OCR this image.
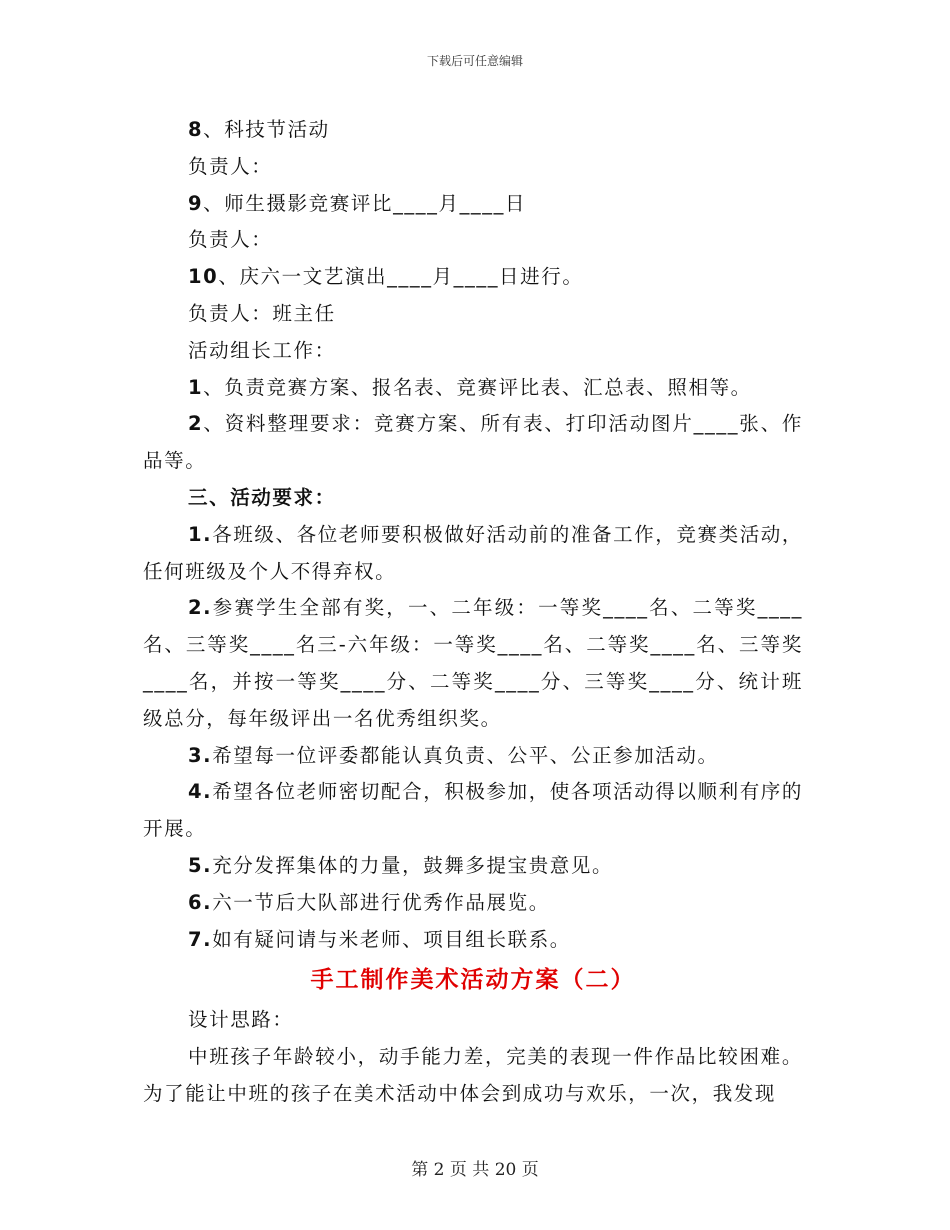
下载后可任意编辑

8、科技节活动

负责人：

9、师生摄影竞赛评比____月____日

负责人：

10、庆六一文艺演出____月____日进行。

负责人：班主任

活动组长工作：

1、负责竞赛方案、报名表、竞赛评比表、汇总表、照相等。

2、资料整理要求：竞赛方案、所有表、打印活动图片____张、作品等。

三、活动要求：

1.各班级、各位老师要积极做好活动前的准备工作，竞赛类活动，任何班级及个人不得弃权。

2.参赛学生全部有奖，一、二年级：一等奖____名、二等奖____名、三等奖____名三-六年级：一等奖____名、二等奖____名、三等奖____名，并按一等奖____分、二等奖____分、三等奖____分、统计班级总分，每年级评出一名优秀组织奖。

3.希望每一位评委都能认真负责、公平、公正参加活动。

4.希望各位老师密切配合，积极参加，使各项活动得以顺利有序的开展。

5.充分发挥集体的力量，鼓舞多提宝贵意见。

6.六一节后大队部进行优秀作品展览。

7.如有疑问请与米老师、项目组长联系。

手工制作美术活动方案（二）

设计思路：

中班孩子年龄较小，动手能力差，完美的表现一件作品比较困难。为了能让中班的孩子在美术活动中体会到成功与欢乐，一次，我发现

第 2 页 共 20 页
